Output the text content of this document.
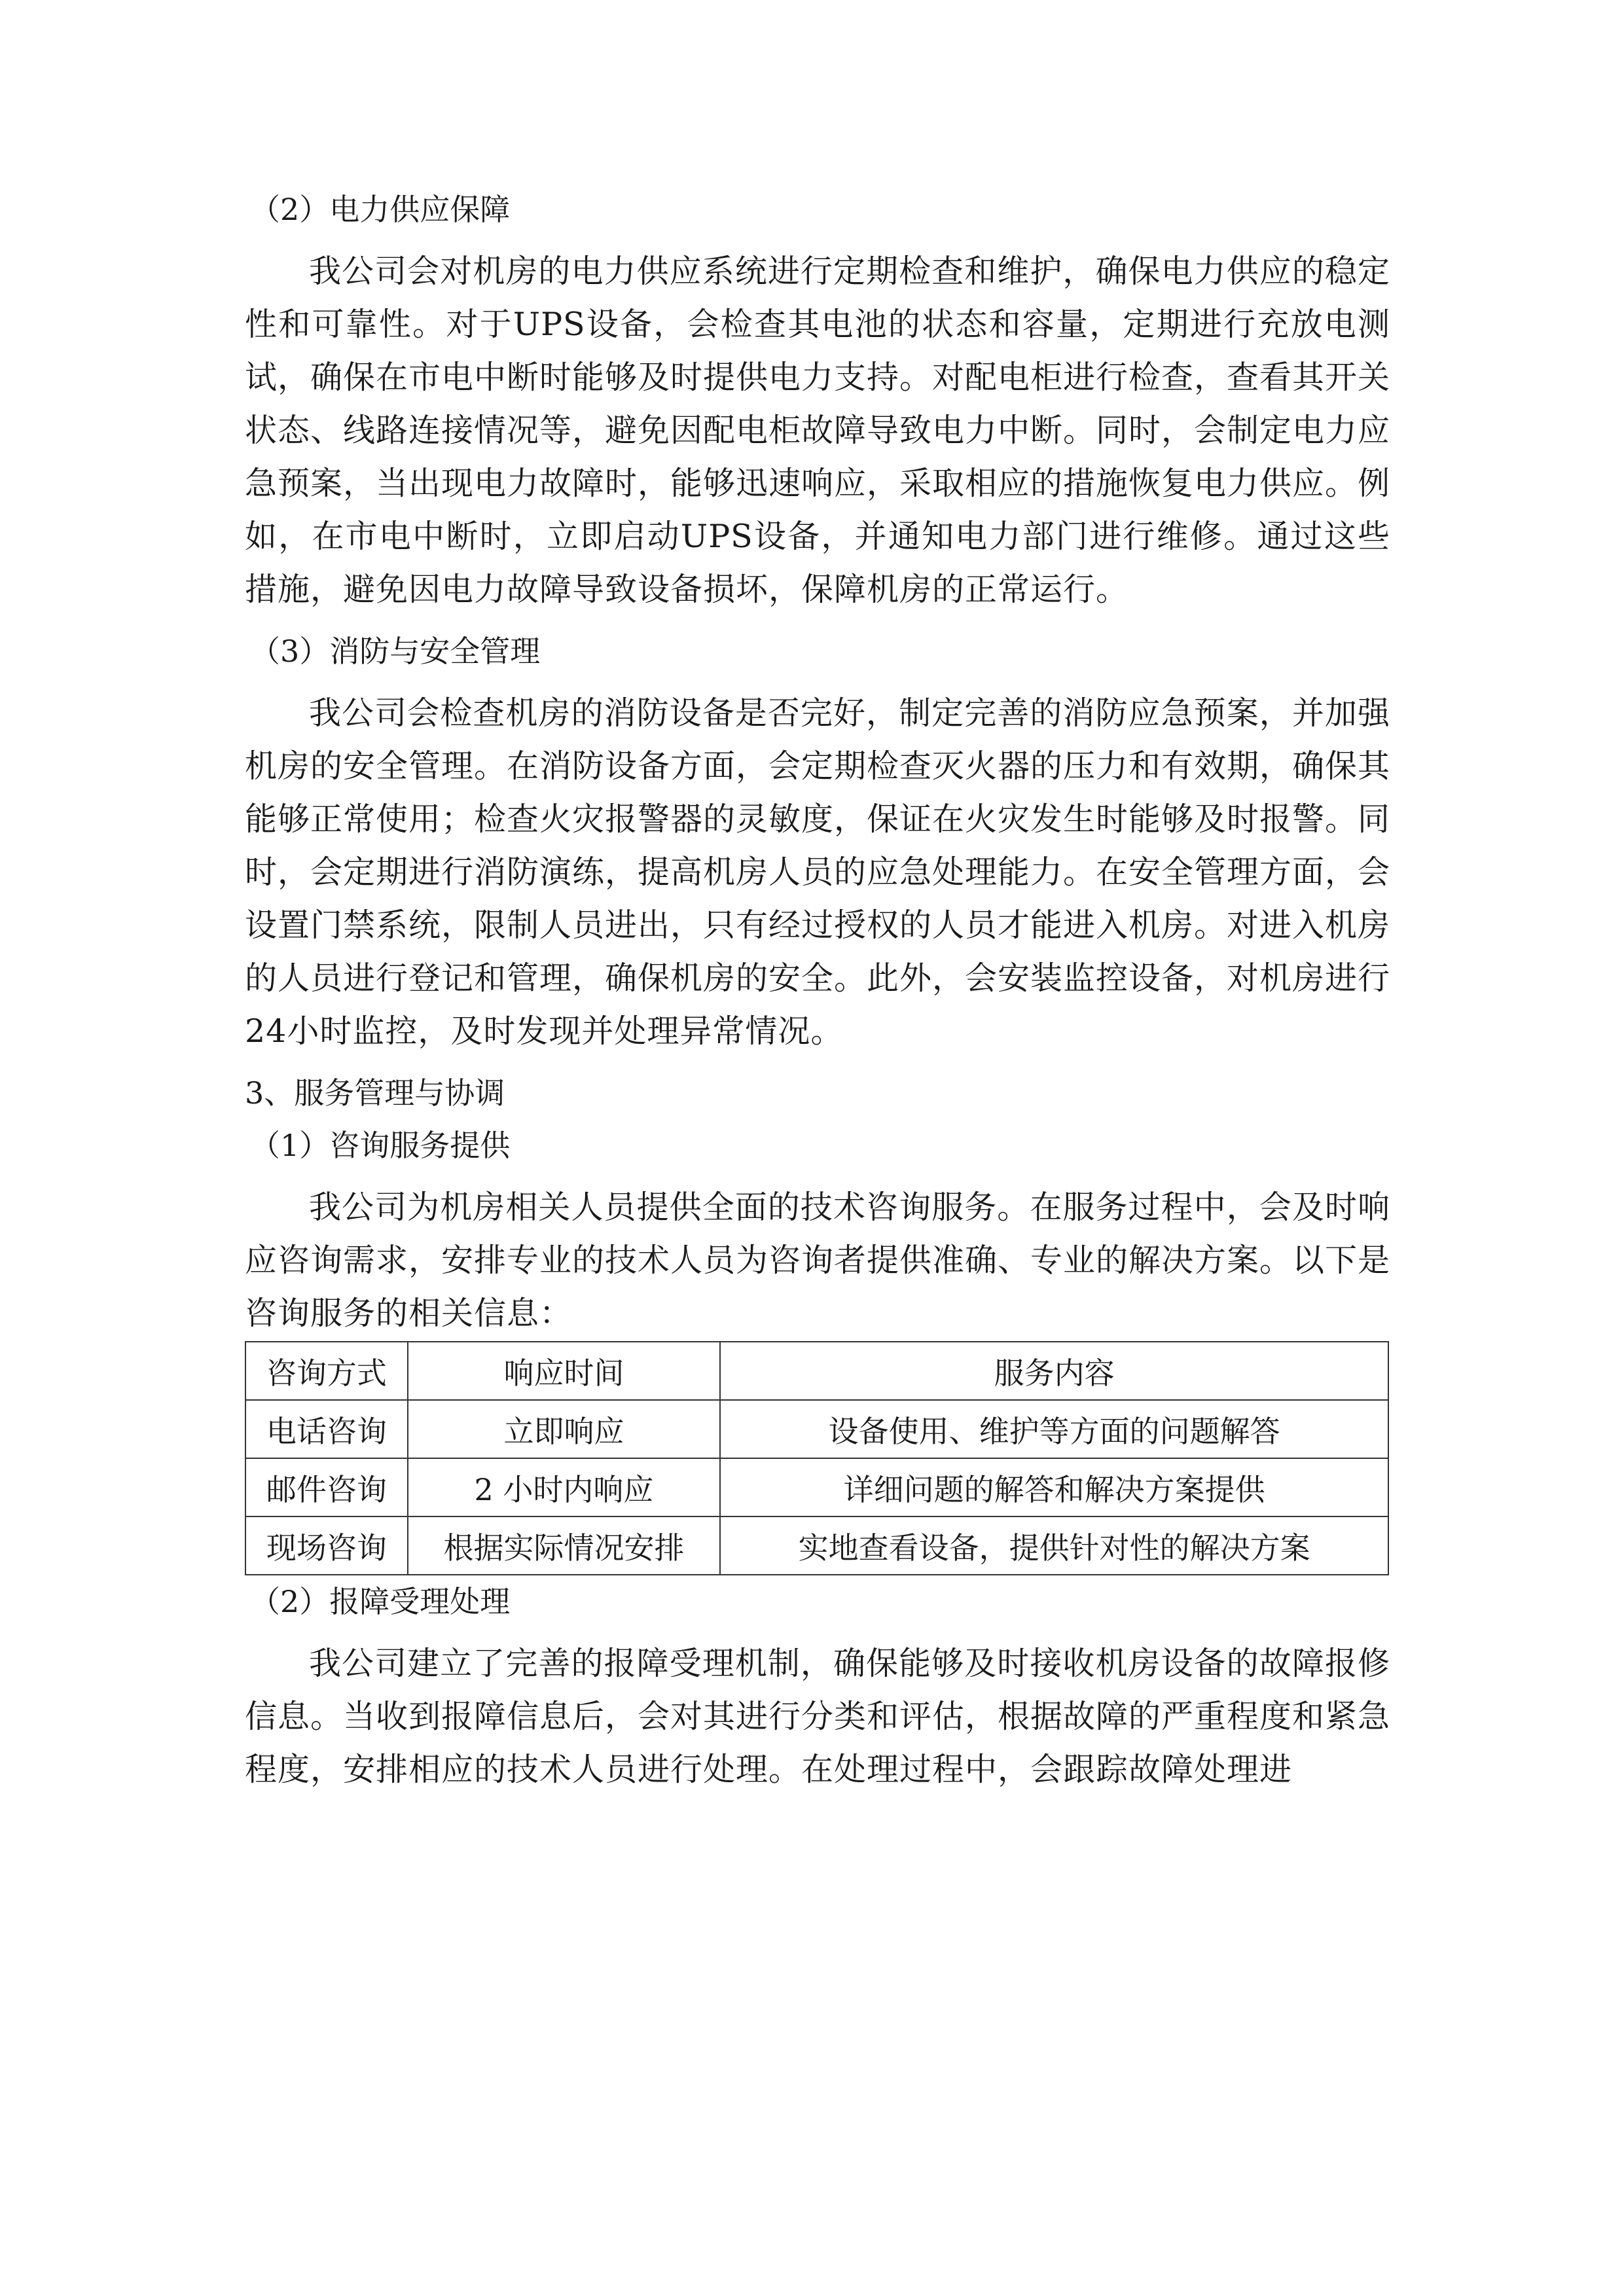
（2）电力供应保障

我公司会对机房的电力供应系统进行定期检查和维护，确保电力供应的稳定性和可靠性。对于UPS设备，会检查其电池的状态和容量，定期进行充放电测试，确保在市电中断时能够及时提供电力支持。对配电柜进行检查，查看其开关状态、线路连接情况等，避免因配电柜故障导致电力中断。同时，会制定电力应急预案，当出现电力故障时，能够迅速响应，采取相应的措施恢复电力供应。例如，在市电中断时，立即启动UPS设备，并通知电力部门进行维修。通过这些措施，避免因电力故障导致设备损坏，保障机房的正常运行。

（3）消防与安全管理

我公司会检查机房的消防设备是否完好，制定完善的消防应急预案，并加强机房的安全管理。在消防设备方面，会定期检查灭火器的压力和有效期，确保其能够正常使用；检查火灾报警器的灵敏度，保证在火灾发生时能够及时报警。同时，会定期进行消防演练，提高机房人员的应急处理能力。在安全管理方面，会设置门禁系统，限制人员进出，只有经过授权的人员才能进入机房。对进入机房的人员进行登记和管理，确保机房的安全。此外，会安装监控设备，对机房进行24小时监控，及时发现并处理异常情况。

3、服务管理与协调

（1）咨询服务提供

我公司为机房相关人员提供全面的技术咨询服务。在服务过程中，会及时响应咨询需求，安排专业的技术人员为咨询者提供准确、专业的解决方案。以下是咨询服务的相关信息：

咨询方式	响应时间	服务内容
电话咨询	立即响应	设备使用、维护等方面的问题解答
邮件咨询	2 小时内响应	详细问题的解答和解决方案提供
现场咨询	根据实际情况安排	实地查看设备，提供针对性的解决方案

（2）报障受理处理

我公司建立了完善的报障受理机制，确保能够及时接收机房设备的故障报修信息。当收到报障信息后，会对其进行分类和评估，根据故障的严重程度和紧急程度，安排相应的技术人员进行处理。在处理过程中，会跟踪故障处理进
